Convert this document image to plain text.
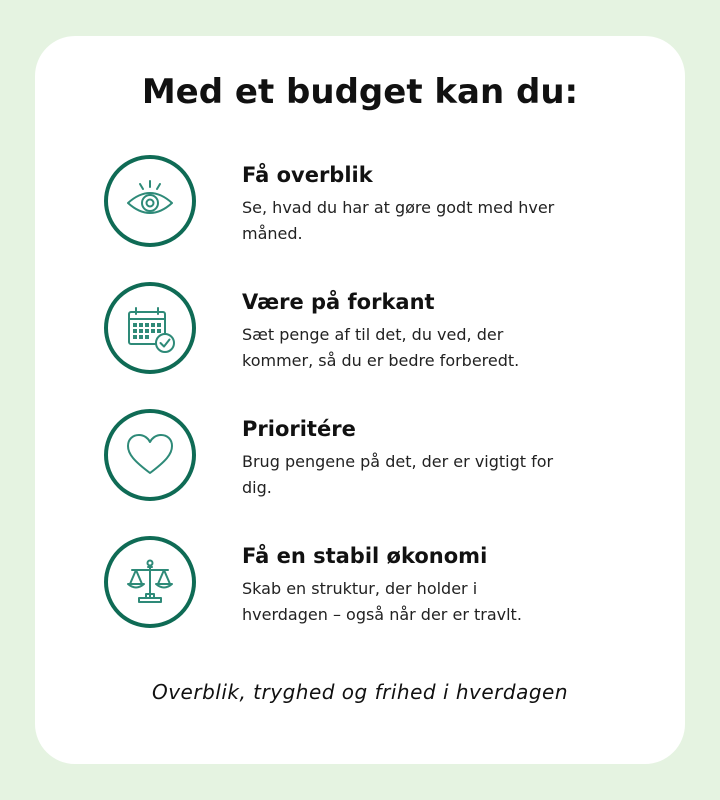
Med et budget kan du:
Få overblik
Se, hvad du har at gøre godt med hver måned.
Være på forkant
Sæt penge af til det, du ved, der kommer, så du er bedre forberedt.
Prioritére
Brug pengene på det, der er vigtigt for dig.
Få en stabil økonomi
Skab en struktur, der holder i hverdagen – også når der er travlt.

Overblik, tryghed og frihed i hverdagen
